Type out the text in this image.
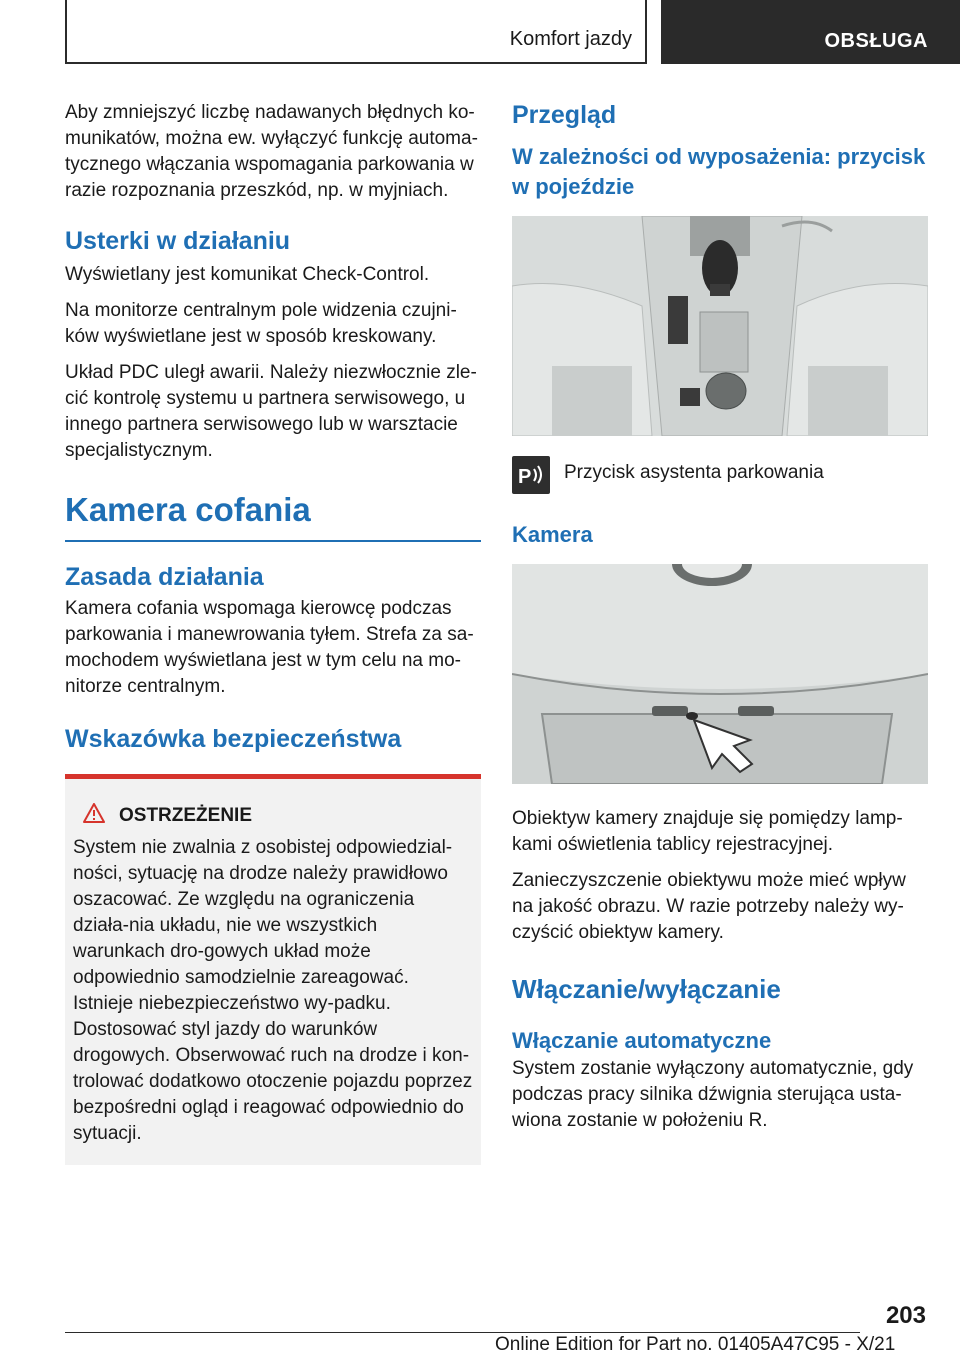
Komfort jazdy	OBSŁUGA

Aby zmniejszyć liczbę nadawanych błędnych ko-munikatów, można ew. wyłączyć funkcję automa-tycznego włączania wspomagania parkowania w razie rozpoznania przeszkód, np. w myjniach.

Usterki w działaniu

Wyświetlany jest komunikat Check-Control.

Na monitorze centralnym pole widzenia czujni-ków wyświetlane jest w sposób kreskowany.

Układ PDC uległ awarii. Należy niezwłocznie zle-cić kontrolę systemu u partnera serwisowego, u innego partnera serwisowego lub w warsztacie specjalistycznym.

Kamera cofania
Zasada działania

Kamera cofania wspomaga kierowcę podczas parkowania i manewrowania tyłem. Strefa za sa-mochodem wyświetlana jest w tym celu na mo-nitorze centralnym.

Wskazówka bezpieczeństwa
OSTRZEŻENIE

System nie zwalnia z osobistej odpowiedzial-ności, sytuację na drodze należy prawidłowo oszacować. Ze względu na ograniczenia działa-nia układu, nie we wszystkich warunkach dro-gowych układ może odpowiednio samodzielnie zareagować. Istnieje niebezpieczeństwo wy-padku. Dostosować styl jazdy do warunków drogowych. Obserwować ruch na drodze i kon-trolować dodatkowo otoczenie pojazdu poprzez bezpośredni ogląd i reagować odpowiednio do sytuacji.

Przegląd
W zależności od wyposażenia: przycisk w pojeździe
P Przycisk asystenta parkowania
Kamera

Obiektyw kamery znajduje się pomiędzy lamp-kami oświetlenia tablicy rejestracyjnej.

Zanieczyszczenie obiektywu może mieć wpływ na jakość obrazu. W razie potrzeby należy wy-czyścić obiektyw kamery.

Włączanie/wyłączanie
Włączanie automatyczne

System zostanie wyłączony automatycznie, gdy podczas pracy silnika dźwignia sterująca usta-wiona zostanie w położeniu R.

203
Online Edition for Part no. 01405A47C95 - X/21
